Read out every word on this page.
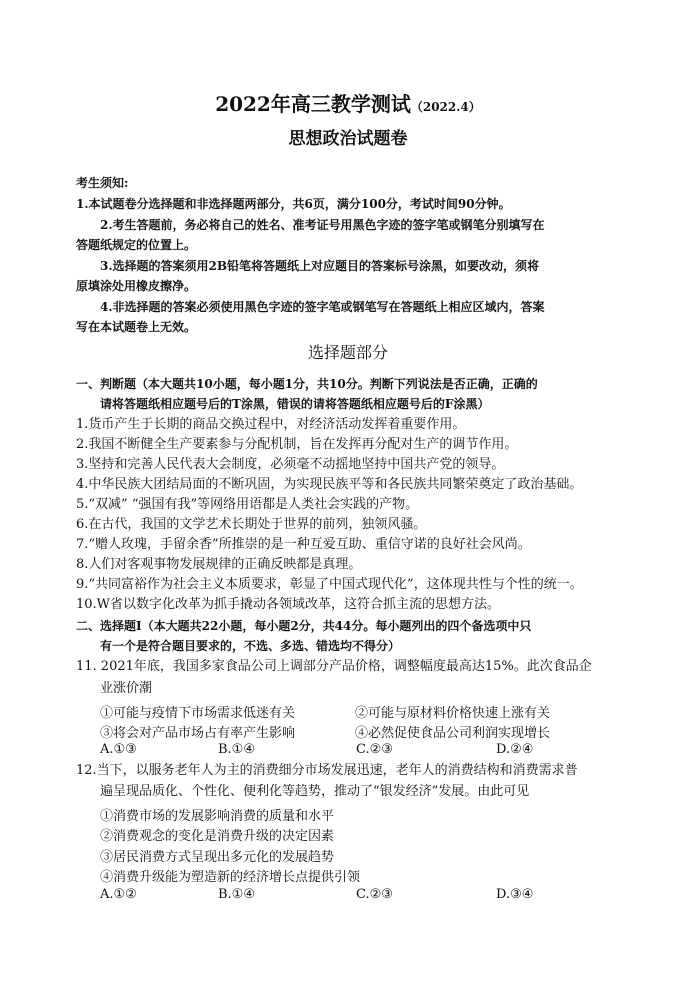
2022年高三教学测试（2022.4）
思想政治试题卷
考生须知:
1.本试题卷分选择题和非选择题两部分，共6页，满分100分，考试时间90分钟。
2.考生答题前，务必将自己的姓名、准考证号用黑色字迹的签字笔或钢笔分别填写在
答题纸规定的位置上。
3.选择题的答案须用2B铅笔将答题纸上对应题目的答案标号涂黑，如要改动，须将
原填涂处用橡皮擦净。
4.非选择题的答案必须使用黑色字迹的签字笔或钢笔写在答题纸上相应区域内，答案
写在本试题卷上无效。
选择题部分
一、判断题（本大题共10小题，每小题1分，共10分。判断下列说法是否正确，正确的
请将答题纸相应题号后的T涂黑，错误的请将答题纸相应题号后的F涂黑）
1.货币产生于长期的商品交换过程中，对经济活动发挥着重要作用。
2.我国不断健全生产要素参与分配机制，旨在发挥再分配对生产的调节作用。
3.坚持和完善人民代表大会制度，必须毫不动摇地坚持中国共产党的领导。
4.中华民族大团结局面的不断巩固，为实现民族平等和各民族共同繁荣奠定了政治基础。
5.“双减” “强国有我”等网络用语都是人类社会实践的产物。
6.在古代，我国的文学艺术长期处于世界的前列，独领风骚。
7.“赠人玫瑰，手留余香”所推崇的是一种互爱互助、重信守诺的良好社会风尚。
8.人们对客观事物发展规律的正确反映都是真理。
9.“共同富裕作为社会主义本质要求，彰显了中国式现代化”，这体现共性与个性的统一。
10.W省以数字化改革为抓手撬动各领域改革，这符合抓主流的思想方法。
二、选择题Ⅰ（本大题共22小题，每小题2分，共44分。每小题列出的四个备选项中只
有一个是符合题目要求的，不选、多选、错选均不得分）
11. 2021年底，我国多家食品公司上调部分产品价格，调整幅度最高达15%。此次食品企
业涨价潮
①可能与疫情下市场需求低迷有关	②可能与原材料价格快速上涨有关
③将会对产品市场占有率产生影响	④必然促使食品公司利润实现增长
A.①③	B.①④	C.②③	D.②④
12.当下，以服务老年人为主的消费细分市场发展迅速，老年人的消费结构和消费需求普
遍呈现品质化、个性化、便利化等趋势，推动了“银发经济”发展。由此可见
①消费市场的发展影响消费的质量和水平
②消费观念的变化是消费升级的决定因素
③居民消费方式呈现出多元化的发展趋势
④消费升级能为塑造新的经济增长点提供引领
A.①②	B.①④	C.②③	D.③④
